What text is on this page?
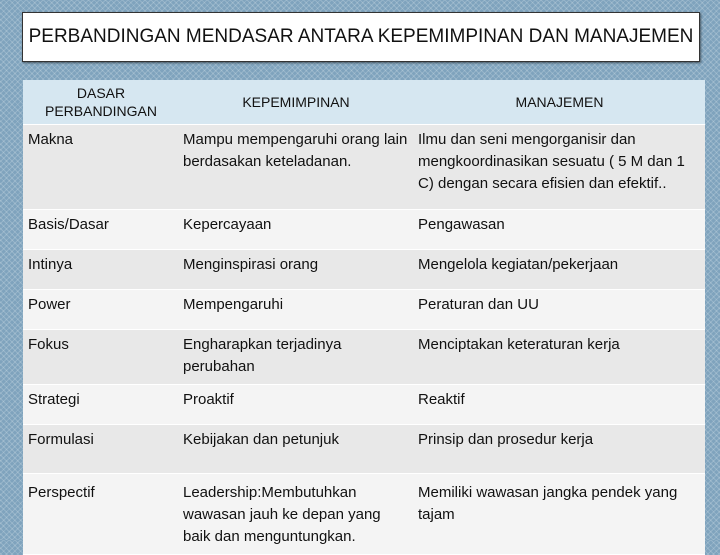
PERBANDINGAN MENDASAR ANTARA KEPEMIMPINAN DAN MANAJEMEN
DASAR PERBANDINGAN	KEPEMIMPINAN	MANAJEMEN
Makna	Mampu mempengaruhi orang lain berdasakan keteladanan.	Ilmu dan seni mengorganisir dan mengkoordinasikan sesuatu ( 5 M dan 1 C) dengan secara efisien dan efektif..
Basis/Dasar	Kepercayaan	Pengawasan
Intinya	Menginspirasi orang	Mengelola kegiatan/pekerjaan
Power	Mempengaruhi	Peraturan dan UU
Fokus	Engharapkan terjadinya perubahan	Menciptakan keteraturan kerja
Strategi	Proaktif	Reaktif
Formulasi	Kebijakan dan petunjuk	Prinsip dan prosedur kerja
Perspectif	Leadership:Membutuhkan wawasan jauh ke depan yang baik dan menguntungkan.	Memiliki wawasan jangka pendek yang tajam
